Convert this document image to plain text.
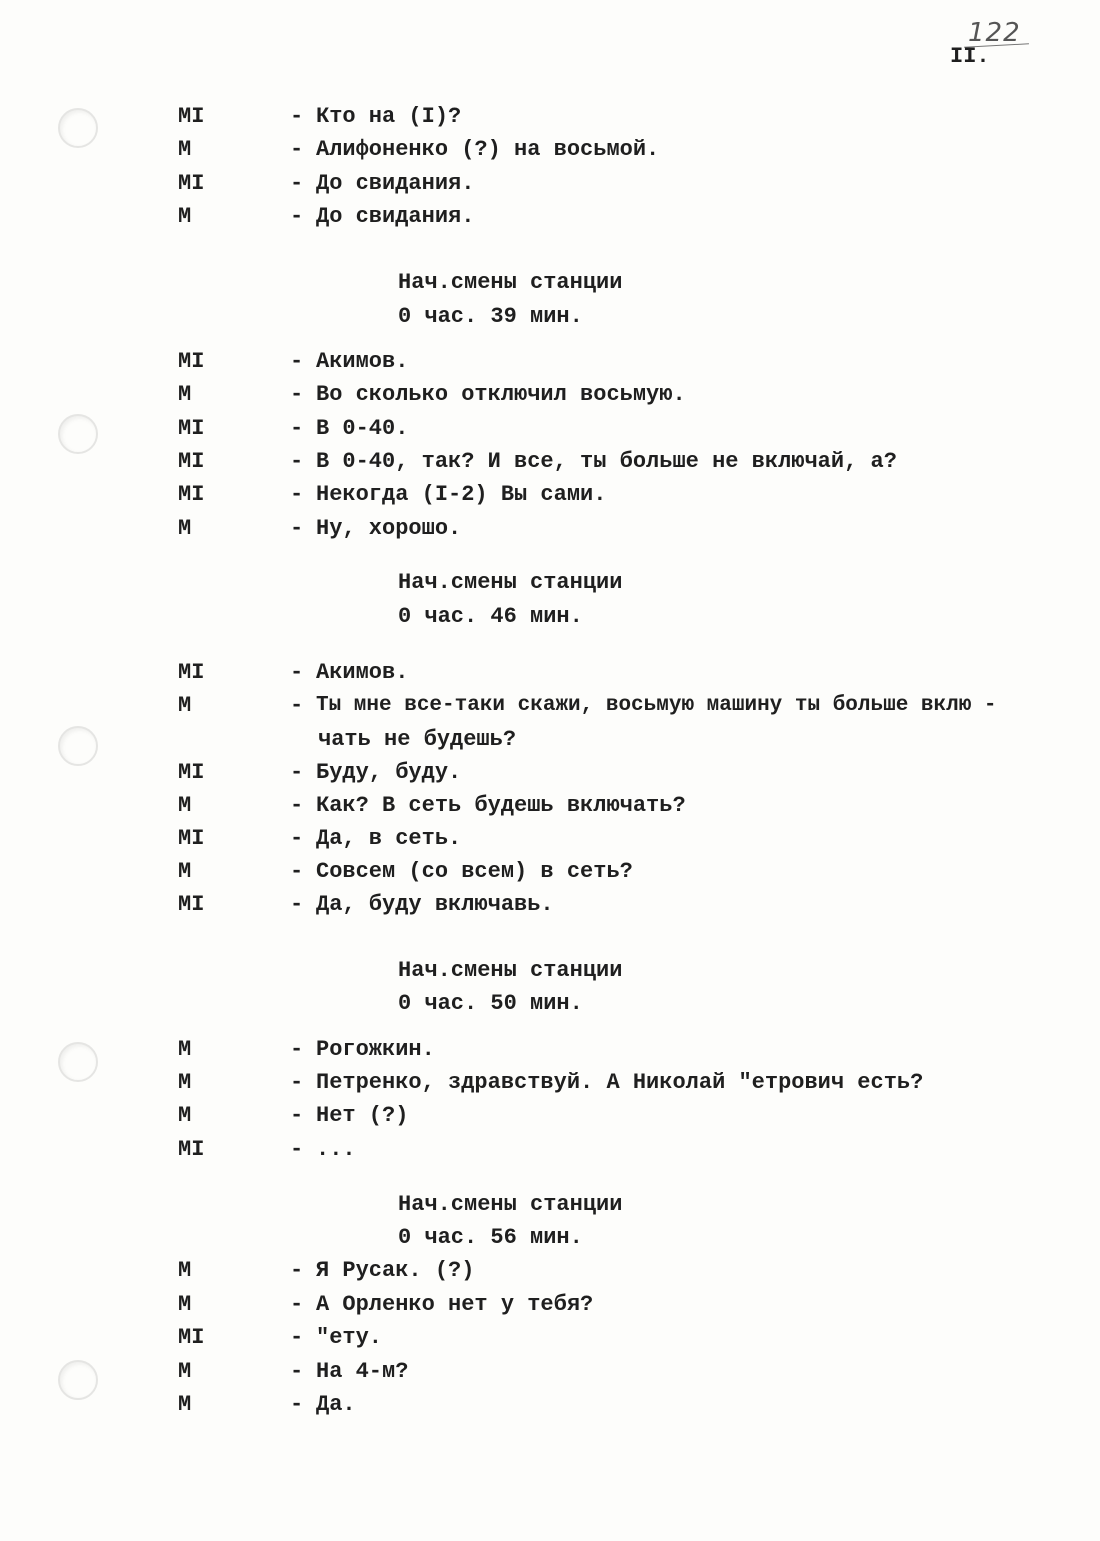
122
II.
MI	- Кто на (I)?
М	- Алифоненко (?) на восьмой.
MI	- До свидания.
М	- До свидания.
Нач.смены станции
0 час. 39 мин.
MI	- Акимов.
М	- Во сколько отключил восьмую.
MI	- В 0-40.
MI	- В 0-40, так? И все, ты больше не включай, а?
MI	- Некогда (I-2) Вы сами.
М	- Ну, хорошо.
Нач.смены станции
0 час. 46 мин.
MI	- Акимов.
М	- Ты мне все-таки скажи, восьмую машину ты больше вклю -
чать не будешь?
MI	- Буду, буду.
М	- Как? В сеть будешь включать?
MI	- Да, в сеть.
М	- Совсем (со всем) в сеть?
MI	- Да, буду включавь.
Нач.смены станции
0 час. 50 мин.
М	- Рогожкин.
М	- Петренко, здравствуй. А Николай "етрович есть?
М	- Нет (?)
MI	- ...
Нач.смены станции
0 час. 56 мин.
М	- Я Русак. (?)
М	- А Орленко нет у тебя?
MI	- "ету.
М	- На 4-м?
М	- Да.
